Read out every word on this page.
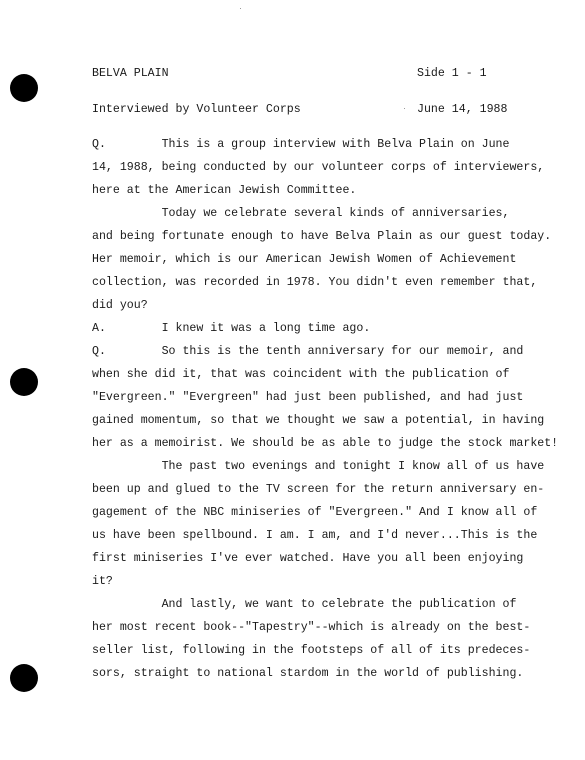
BELVA PLAIN

Interviewed by Volunteer Corps

Side 1 - 1

June 14, 1988

Q.        This is a group interview with Belva Plain on June
14, 1988, being conducted by our volunteer corps of interviewers,
here at the American Jewish Committee.
Today we celebrate several kinds of anniversaries,
and being fortunate enough to have Belva Plain as our guest today.
Her memoir, which is our American Jewish Women of Achievement
collection, was recorded in 1978. You didn't even remember that,
did you?
A.        I knew it was a long time ago.
Q.        So this is the tenth anniversary for our memoir, and
when she did it, that was coincident with the publication of
"Evergreen." "Evergreen" had just been published, and had just
gained momentum, so that we thought we saw a potential, in having
her as a memoirist. We should be as able to judge the stock market!
The past two evenings and tonight I know all of us have
been up and glued to the TV screen for the return anniversary en-
gagement of the NBC miniseries of "Evergreen." And I know all of
us have been spellbound. I am. I am, and I'd never...This is the
first miniseries I've ever watched. Have you all been enjoying
it?
And lastly, we want to celebrate the publication of
her most recent book--"Tapestry"--which is already on the best-
seller list, following in the footsteps of all of its predeces-
sors, straight to national stardom in the world of publishing.
